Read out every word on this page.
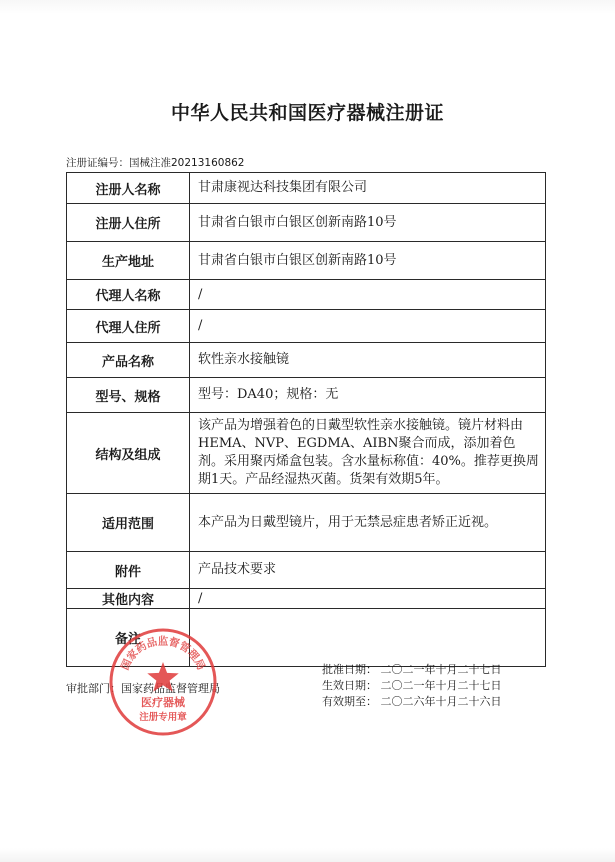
中华人民共和国医疗器械注册证
注册证编号：国械注准20213160862
注册人名称	甘肃康视达科技集团有限公司
注册人住所	甘肃省白银市白银区创新南路10号
生产地址	甘肃省白银市白银区创新南路10号
代理人名称	/
代理人住所	/
产品名称	软性亲水接触镜
型号、规格	型号：DA40；规格：无
结构及组成	该产品为增强着色的日戴型软性亲水接触镜。镜片材料由HEMA、NVP、EGDMA、AIBN聚合而成，添加着色剂。采用聚丙烯盒包装。含水量标称值：40%。推荐更换周期1天。产品经湿热灭菌。货架有效期5年。
适用范围	本产品为日戴型镜片，用于无禁忌症患者矫正近视。
附件	产品技术要求
其他内容	/
备注	
审批部门：国家药品监督管理局
批准日期： 二〇二一年十月二十七日
生效日期： 二〇二一年十月二十七日
有效期至： 二〇二六年十月二十六日
国家药品监督管理局
医疗器械
注册专用章
